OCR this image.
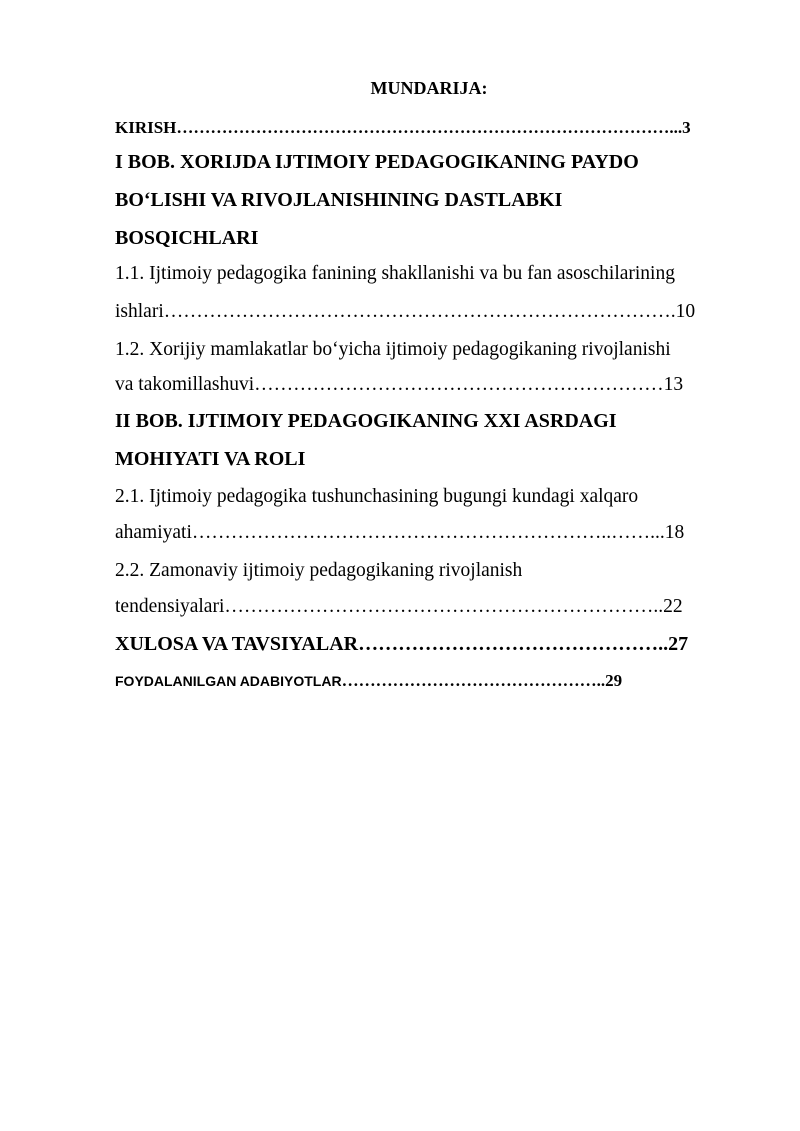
MUNDARIJA:
KIRISH……………………………………………………………………………...3
I BOB. XORIJDA IJTIMOIY PEDAGOGIKANING PAYDO
BO‘LISHI VA RIVOJLANISHINING DASTLABKI
BOSQICHLARI
1.1. Ijtimoiy pedagogika fanining shakllanishi va bu fan asoschilarining
ishlari…………………………………………………………………….10
1.2. Xorijiy mamlakatlar bo‘yicha ijtimoiy pedagogikaning rivojlanishi
va takomillashuvi………………………………………………………13
II BOB. IJTIMOIY PEDAGOGIKANING XXI ASRDAGI
MOHIYATI VA ROLI
2.1. Ijtimoiy pedagogika tushunchasining bugungi kundagi xalqaro
ahamiyati………………………………………………………..……...18
2.2. Zamonaviy ijtimoiy pedagogikaning rivojlanish
tendensiyalari…………………………………………………………..22
XULOSA VA TAVSIYALAR………………………………………..27
FOYDALANILGAN ADABIYOTLAR………………………………………..29
